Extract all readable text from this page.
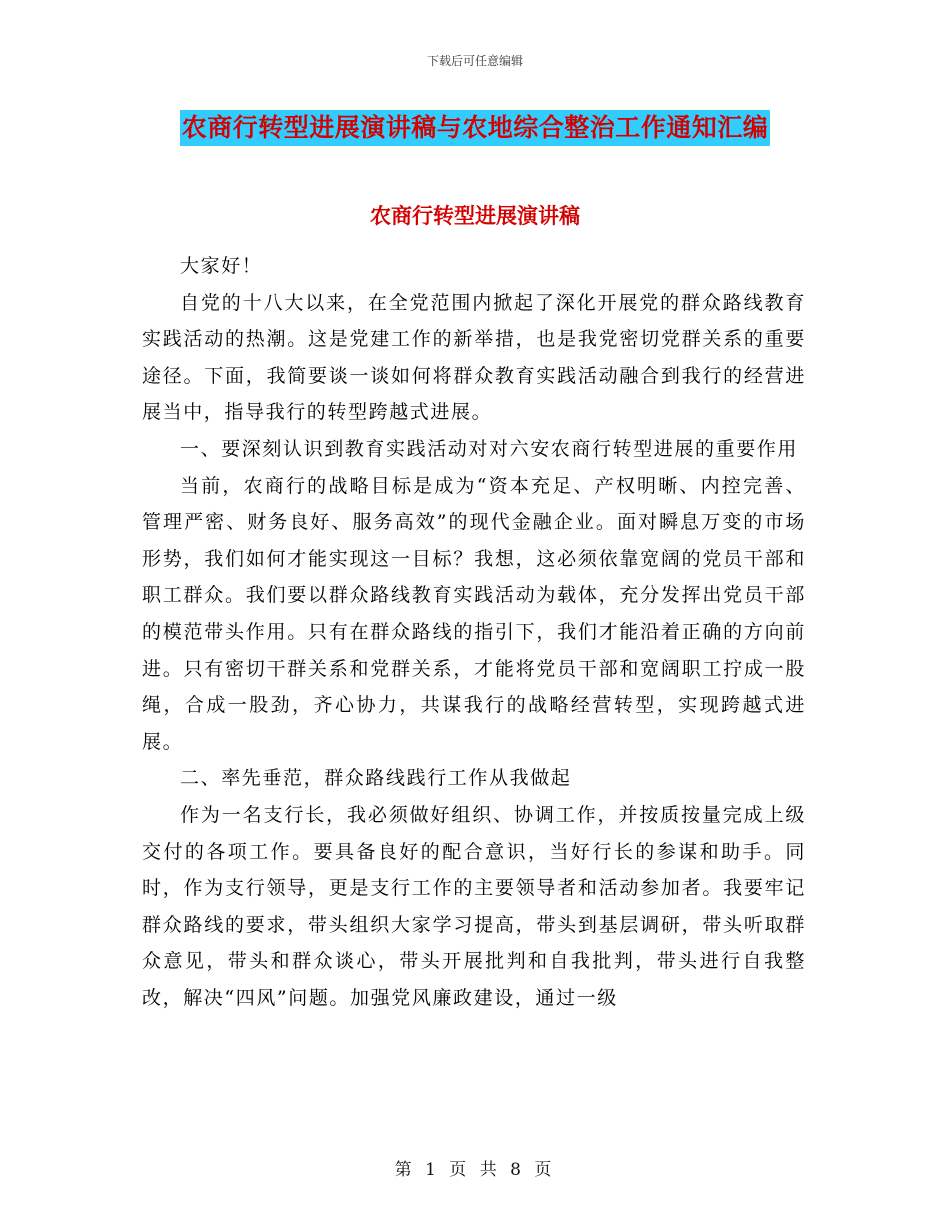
下载后可任意编辑
农商行转型进展演讲稿与农地综合整治工作通知汇编
农商行转型进展演讲稿

大家好！

自党的十八大以来，在全党范围内掀起了深化开展党的群众路线教育实践活动的热潮。这是党建工作的新举措，也是我党密切党群关系的重要途径。下面，我简要谈一谈如何将群众教育实践活动融合到我行的经营进展当中，指导我行的转型跨越式进展。

一、要深刻认识到教育实践活动对对六安农商行转型进展的重要作用

当前，农商行的战略目标是成为“资本充足、产权明晰、内控完善、管理严密、财务良好、服务高效”的现代金融企业。面对瞬息万变的市场形势，我们如何才能实现这一目标？我想，这必须依靠宽阔的党员干部和职工群众。我们要以群众路线教育实践活动为载体，充分发挥出党员干部的模范带头作用。只有在群众路线的指引下，我们才能沿着正确的方向前进。只有密切干群关系和党群关系，才能将党员干部和宽阔职工拧成一股绳，合成一股劲，齐心协力，共谋我行的战略经营转型，实现跨越式进展。

二、率先垂范，群众路线践行工作从我做起

作为一名支行长，我必须做好组织、协调工作，并按质按量完成上级交付的各项工作。要具备良好的配合意识，当好行长的参谋和助手。同时，作为支行领导，更是支行工作的主要领导者和活动参加者。我要牢记群众路线的要求，带头组织大家学习提高，带头到基层调研，带头听取群众意见，带头和群众谈心，带头开展批判和自我批判，带头进行自我整改，解决“四风”问题。加强党风廉政建设，通过一级

第 1 页 共 8 页
